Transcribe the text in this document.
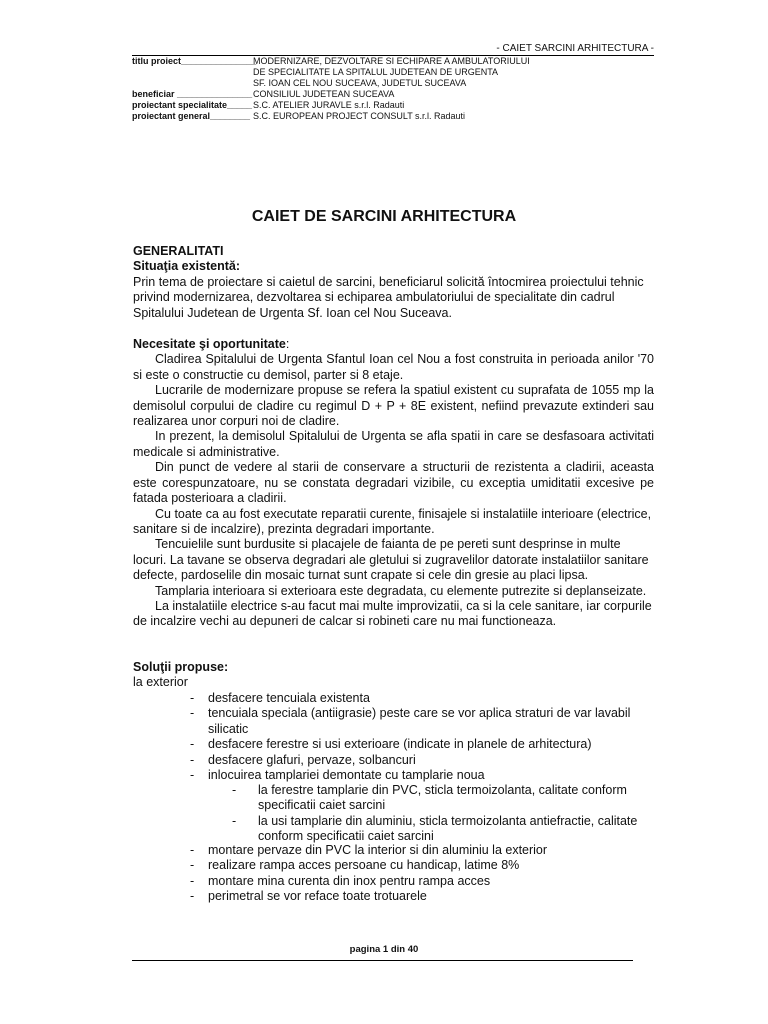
- CAIET SARCINI ARHITECTURA -
titlu proiect_______________
MODERNIZARE, DEZVOLTARE SI ECHIPARE A AMBULATORIULUI
DE SPECIALITATE LA SPITALUL JUDETEAN DE URGENTA
SF. IOAN CEL NOU SUCEAVA, JUDETUL SUCEAVA
beneficiar _______________ CONSILIUL JUDETEAN SUCEAVA
proiectant specialitate_____ S.C. ATELIER JURAVLE s.r.l. Radauti
proiectant general________ S.C. EUROPEAN PROJECT CONSULT s.r.l. Radauti
CAIET DE SARCINI ARHITECTURA
GENERALITATI
Situaţia existentă:

Prin tema de proiectare si caietul de sarcini, beneficiarul solicită întocmirea proiectului tehnic privind modernizarea, dezvoltarea si echiparea ambulatoriului de specialitate din cadrul Spitalului Judetean de Urgenta Sf. Ioan cel Nou Suceava.

Necesitate şi oportunitate:

Cladirea Spitalului de Urgenta Sfantul Ioan cel Nou a fost construita in perioada anilor '70 si este o constructie cu demisol, parter si 8 etaje.

Lucrarile de modernizare propuse se refera la spatiul existent cu suprafata de 1055 mp la demisolul corpului de cladire cu regimul D + P + 8E existent, nefiind prevazute extinderi sau realizarea unor corpuri noi de cladire.

In prezent, la demisolul Spitalului de Urgenta se afla spatii in care se desfasoara activitati medicale si administrative.

Din punct de vedere al starii de conservare a structurii de rezistenta a cladirii, aceasta este corespunzatoare, nu se constata degradari vizibile, cu exceptia umiditatii excesive pe fatada posterioara a cladirii.

Cu toate ca au fost executate reparatii curente, finisajele si instalatiile interioare (electrice, sanitare si de incalzire), prezinta degradari importante.

Tencuielile sunt burdusite si placajele de faianta de pe pereti sunt desprinse in multe locuri. La tavane se observa degradari ale gletului si zugravelilor datorate instalatiilor sanitare defecte, pardoselile din mosaic turnat sunt crapate si cele din gresie au placi lipsa.

Tamplaria interioara si exterioara este degradata, cu elemente putrezite si deplanseizate.

La instalatiile electrice s-au facut mai multe improvizatii, ca si la cele sanitare, iar corpurile de incalzire vechi au depuneri de calcar si robineti care nu mai functioneaza.

Soluţii propuse:
la exterior
- desfacere tencuiala existenta
- tencuiala speciala (antiigrasie) peste care se vor aplica straturi de var lavabil silicatic
- desfacere ferestre si usi exterioare (indicate in planele de arhitectura)
- desfacere glafuri, pervaze, solbancuri
- inlocuirea tamplariei demontate cu tamplarie noua
- la ferestre tamplarie din PVC, sticla termoizolanta, calitate conform specificatii caiet sarcini
- la usi tamplarie din aluminiu, sticla termoizolanta antiefractie, calitate conform specificatii caiet sarcini
- montare pervaze din PVC la interior si din aluminiu la exterior
- realizare rampa acces persoane cu handicap, latime 8%
- montare mina curenta din inox pentru rampa acces
- perimetral se vor reface toate trotuarele
pagina 1 din 40
